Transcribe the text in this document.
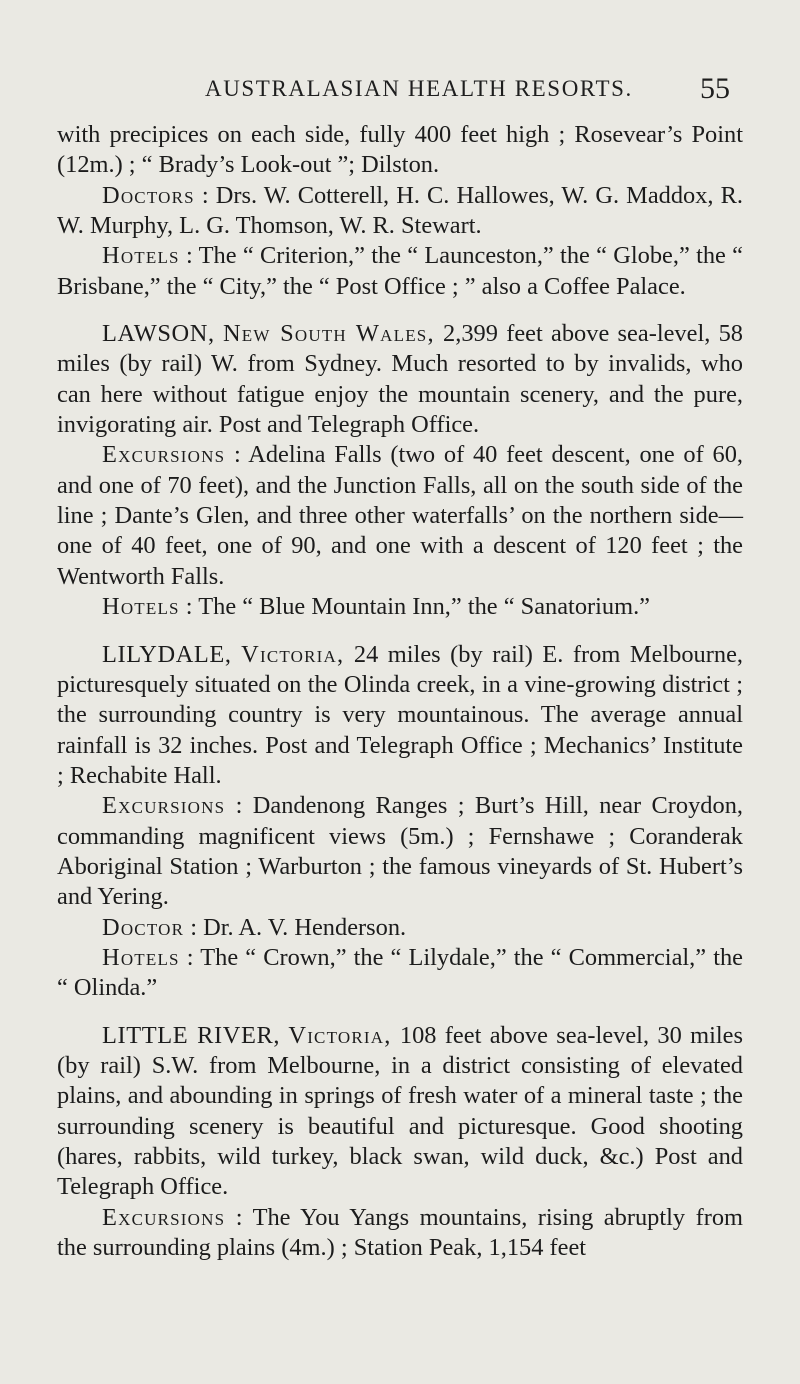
AUSTRALASIAN HEALTH RESORTS. 55

with precipices on each side, fully 400 feet high ; Rosevear’s Point (12m.) ; “ Brady’s Look-out ”; Dilston.

Doctors : Drs. W. Cotterell, H. C. Hallowes, W. G. Maddox, R. W. Murphy, L. G. Thomson, W. R. Stewart.

Hotels : The “ Criterion,” the “ Launceston,” the “ Globe,” the “ Brisbane,” the “ City,” the “ Post Office ; ” also a Coffee Palace.

LAWSON, New South Wales, 2,399 feet above sea-level, 58 miles (by rail) W. from Sydney. Much resorted to by invalids, who can here without fatigue enjoy the mountain scenery, and the pure, invigorating air. Post and Telegraph Office.

Excursions : Adelina Falls (two of 40 feet descent, one of 60, and one of 70 feet), and the Junction Falls, all on the south side of the line ; Dante’s Glen, and three other waterfalls’ on the northern side—one of 40 feet, one of 90, and one with a descent of 120 feet ; the Wentworth Falls.

Hotels : The “ Blue Mountain Inn,” the “ Sanatorium.”

LILYDALE, Victoria, 24 miles (by rail) E. from Melbourne, picturesquely situated on the Olinda creek, in a vine-growing district ; the surrounding country is very mountainous. The average annual rainfall is 32 inches. Post and Telegraph Office ; Mechanics’ Institute ; Rechabite Hall.

Excursions : Dandenong Ranges ; Burt’s Hill, near Croydon, commanding magnificent views (5m.) ; Fernshawe ; Coranderak Aboriginal Station ; Warburton ; the famous vineyards of St. Hubert’s and Yering.

Doctor : Dr. A. V. Henderson.

Hotels : The “ Crown,” the “ Lilydale,” the “ Commercial,” the “ Olinda.”

LITTLE RIVER, Victoria, 108 feet above sea-level, 30 miles (by rail) S.W. from Melbourne, in a district consisting of elevated plains, and abounding in springs of fresh water of a mineral taste ; the surrounding scenery is beautiful and picturesque. Good shooting (hares, rabbits, wild turkey, black swan, wild duck, &c.) Post and Telegraph Office.

Excursions : The You Yangs mountains, rising abruptly from the surrounding plains (4m.) ; Station Peak, 1,154 feet
